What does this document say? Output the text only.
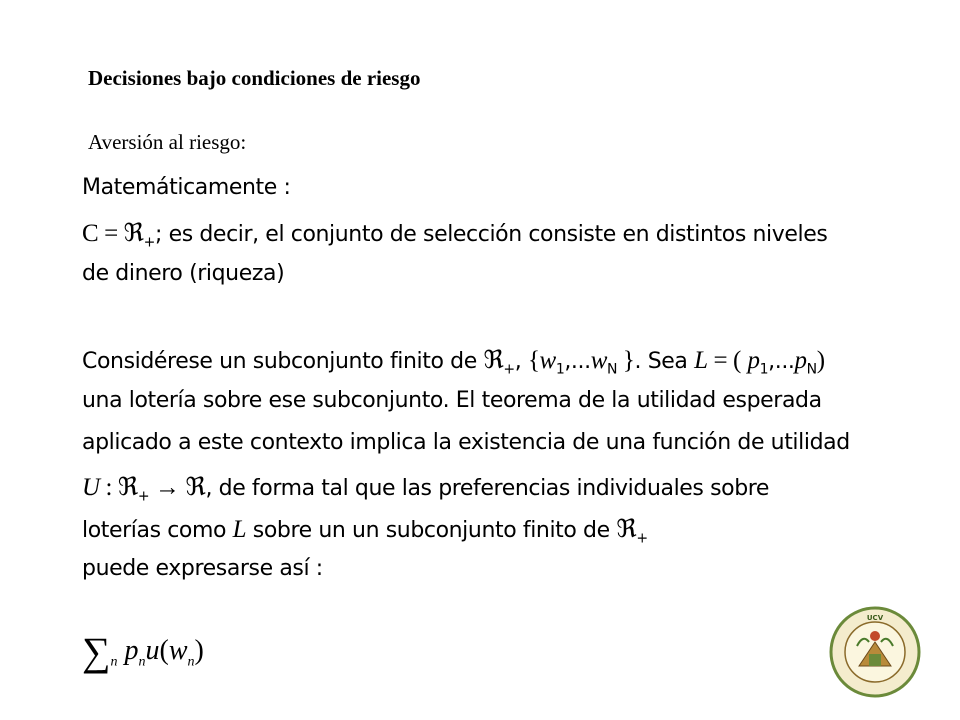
Decisiones bajo condiciones de riesgo
Aversión al riesgo:
Matemáticamente :
C = ℜ$_+$; es decir, el conjunto de selección consiste en distintos niveles
de dinero (riqueza)
Considérese un subconjunto finito de ℜ$_+$, {$w_1,...w_N$ }. Sea L = ( $p_1,...p_N$)
una lotería sobre ese subconjunto. El teorema de la utilidad esperada
aplicado a este contexto implica la existencia de una función de utilidad
U : ℜ$_+$ → ℜ, de forma tal que las preferencias individuales sobre
loterías como L sobre un un subconjunto finito de ℜ$_+$
puede expresarse así :
$\sum_n$ $p_nu(w_n)$
UCV
